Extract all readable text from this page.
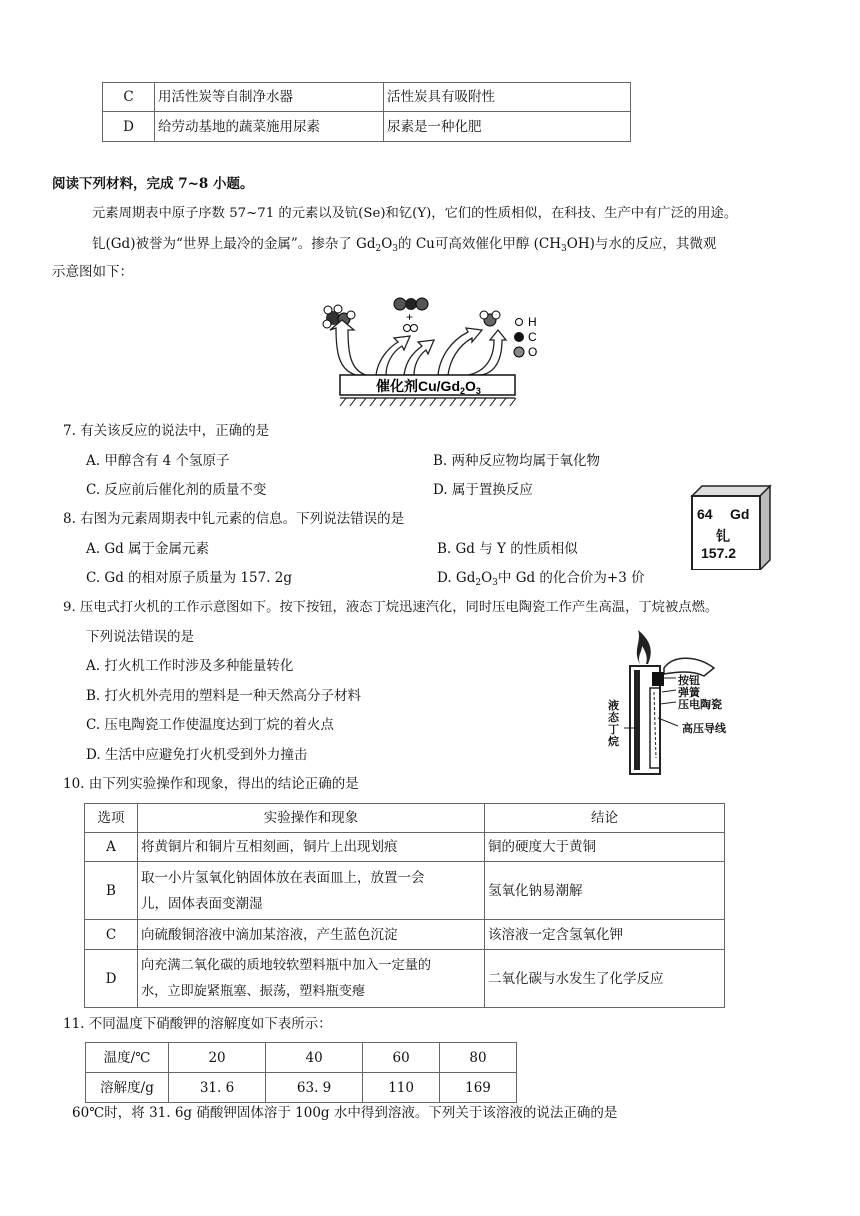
C	用活性炭等自制净水器	活性炭具有吸附性
D	给劳动基地的蔬菜施用尿素	尿素是一种化肥
阅读下列材料，完成 7~8 小题。
元素周期表中原子序数 57~71 的元素以及钪(Se)和钇(Y)，它们的性质相似，在科技、生产中有广泛的用途。
钆(Gd)被誉为“世界上最冷的金属”。掺杂了 $Gd_2O_3$的 Cu可高效催化甲醇 $(CH_3OH)$与水的反应，其微观
示意图如下：
+	H
C
O
催化剂$Cu/Gd_2O_3$
7. 有关该反应的说法中，正确的是
A. 甲醇含有 4 个氢原子	B. 两种反应物均属于氧化物
C. 反应前后催化剂的质量不变	D. 属于置换反应
8. 右图为元素周期表中钆元素的信息。下列说法错误的是
A. Gd 属于金属元素	B. Gd 与 Y 的性质相似
C. Gd 的相对原子质量为 157. 2g	D. $Gd_2O_3$中 Gd 的化合价为+3 价
64 Gd
钆
157.2
9. 压电式打火机的工作示意图如下。按下按钮，液态丁烷迅速汽化，同时压电陶瓷工作产生高温，丁烷被点燃。
下列说法错误的是
A. 打火机工作时涉及多种能量转化
B. 打火机外壳用的塑料是一种天然高分子材料
C. 压电陶瓷工作使温度达到丁烷的着火点
D. 生活中应避免打火机受到外力撞击
按钮
弹簧
压电陶瓷
高压导线
液态丁烷
10. 由下列实验操作和现象，得出的结论正确的是
选项	实验操作和现象	结论
A	将黄铜片和铜片互相刻画，铜片上出现划痕	铜的硬度大于黄铜
B	取一小片氢氧化钠固体放在表面皿上，放置一会
儿，固体表面变潮湿	氢氧化钠易潮解
C	向硫酸铜溶液中滴加某溶液，产生蓝色沉淀	该溶液一定含氢氧化钾
D	向充满二氧化碳的质地较软塑料瓶中加入一定量的
水，立即旋紧瓶塞、振荡，塑料瓶变瘪	二氧化碳与水发生了化学反应
11. 不同温度下硝酸钾的溶解度如下表所示：
温度/℃	20	40	60	80
溶解度/g	31. 6	63. 9	110	169
60℃时，将 31. 6g 硝酸钾固体溶于 100g 水中得到溶液。下列关于该溶液的说法正确的是
